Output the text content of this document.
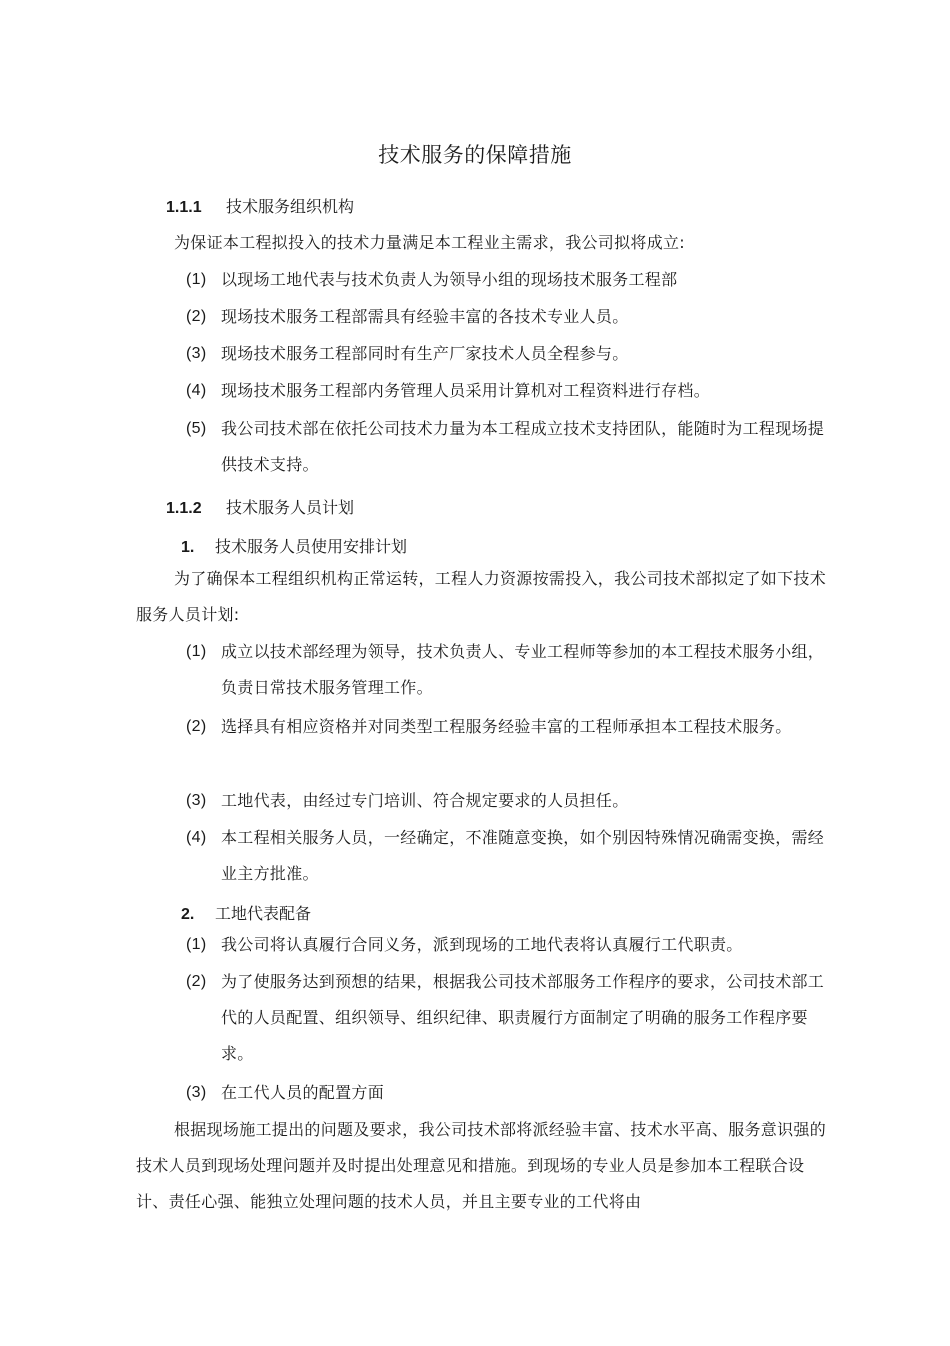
技术服务的保障措施
1.1.1 技术服务组织机构
为保证本工程拟投入的技术力量满足本工程业主需求，我公司拟将成立:
(1) 以现场工地代表与技术负责人为领导小组的现场技术服务工程部
(2) 现场技术服务工程部需具有经验丰富的各技术专业人员。
(3) 现场技术服务工程部同时有生产厂家技术人员全程参与。
(4) 现场技术服务工程部内务管理人员采用计算机对工程资料进行存档。
(5) 我公司技术部在依托公司技术力量为本工程成立技术支持团队，能随时为工程现场提供技术支持。
1.1.2 技术服务人员计划
1. 技术服务人员使用安排计划
为了确保本工程组织机构正常运转，工程人力资源按需投入，我公司技术部拟定了如下技术服务人员计划:
(1) 成立以技术部经理为领导，技术负责人、专业工程师等参加的本工程技术服务小组，负责日常技术服务管理工作。
(2) 选择具有相应资格并对同类型工程服务经验丰富的工程师承担本工程技术服务。
(3) 工地代表，由经过专门培训、符合规定要求的人员担任。
(4) 本工程相关服务人员，一经确定，不准随意变换，如个别因特殊情况确需变换，需经业主方批准。
2. 工地代表配备
(1) 我公司将认真履行合同义务，派到现场的工地代表将认真履行工代职责。
(2) 为了使服务达到预想的结果，根据我公司技术部服务工作程序的要求，公司技术部工代的人员配置、组织领导、组织纪律、职责履行方面制定了明确的服务工作程序要求。
(3) 在工代人员的配置方面
根据现场施工提出的问题及要求，我公司技术部将派经验丰富、技术水平高、服务意识强的技术人员到现场处理问题并及时提出处理意见和措施。到现场的专业人员是参加本工程联合设计、责任心强、能独立处理问题的技术人员，并且主要专业的工代将由
